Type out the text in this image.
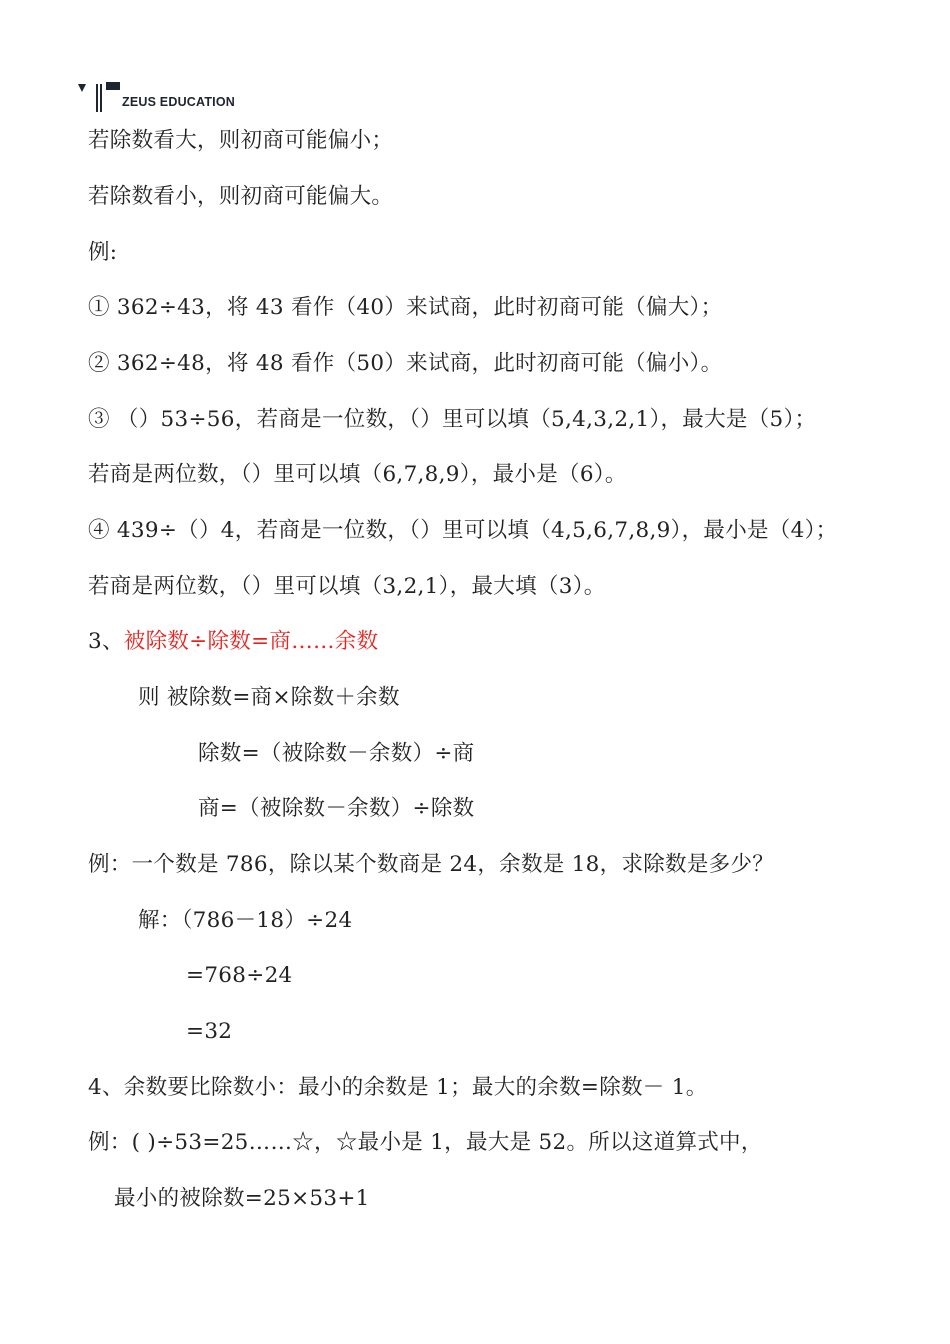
ZEUS EDUCATION
若除数看大，则初商可能偏小；
若除数看小，则初商可能偏大。
例:
① 362÷43，将 43 看作（40）来试商，此时初商可能（偏大）；
② 362÷48，将 48 看作（50）来试商，此时初商可能（偏小）。
③ （）53÷56，若商是一位数，（）里可以填（5,4,3,2,1），最大是（5）；
若商是两位数，（）里可以填（6,7,8,9），最小是（6）。
④ 439÷（）4，若商是一位数，（）里可以填（4,5,6,7,8,9），最小是（4）；
若商是两位数，（）里可以填（3,2,1），最大填（3）。
3、被除数÷除数=商……余数
则 被除数=商×除数＋余数
除数=（被除数－余数）÷商
商=（被除数－余数）÷除数
例：一个数是 786，除以某个数商是 24，余数是 18，求除数是多少？
解：（786－18）÷24
=768÷24
=32
4、余数要比除数小：最小的余数是 1；最大的余数=除数－ 1。
例：( )÷53=25……☆，☆最小是 1，最大是 52。所以这道算式中，
最小的被除数=25×53+1
